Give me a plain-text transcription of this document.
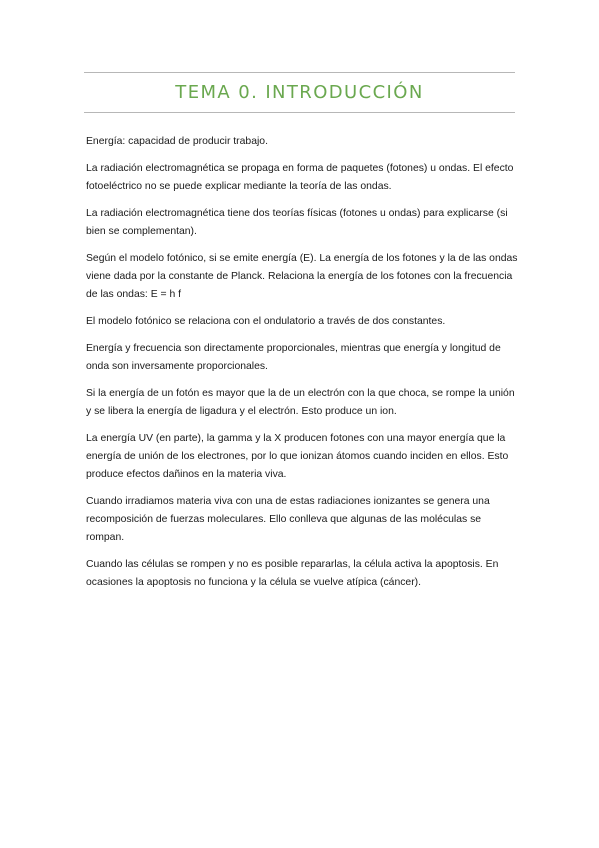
TEMA 0. INTRODUCCIÓN

Energía: capacidad de producir trabajo.

La radiación electromagnética se propaga en forma de paquetes (fotones) u ondas. El efecto fotoeléctrico no se puede explicar mediante la teoría de las ondas.

La radiación electromagnética tiene dos teorías físicas (fotones u ondas) para explicarse (si bien se complementan).

Según el modelo fotónico, si se emite energía (E). La energía de los fotones y la de las ondas viene dada por la constante de Planck. Relaciona la energía de los fotones con la frecuencia de las ondas: E = h f

El modelo fotónico se relaciona con el ondulatorio a través de dos constantes.

Energía y frecuencia son directamente proporcionales, mientras que energía y longitud de onda son inversamente proporcionales.

Si la energía de un fotón es mayor que la de un electrón con la que choca, se rompe la unión y se libera la energía de ligadura y el electrón. Esto produce un ion.

La energía UV (en parte), la gamma y la X producen fotones con una mayor energía que la energía de unión de los electrones, por lo que ionizan átomos cuando inciden en ellos. Esto produce efectos dañinos en la materia viva.

Cuando irradiamos materia viva con una de estas radiaciones ionizantes se genera una recomposición de fuerzas moleculares. Ello conlleva que algunas de las moléculas se rompan.

Cuando las células se rompen y no es posible repararlas, la célula activa la apoptosis. En ocasiones la apoptosis no funciona y la célula se vuelve atípica (cáncer).
